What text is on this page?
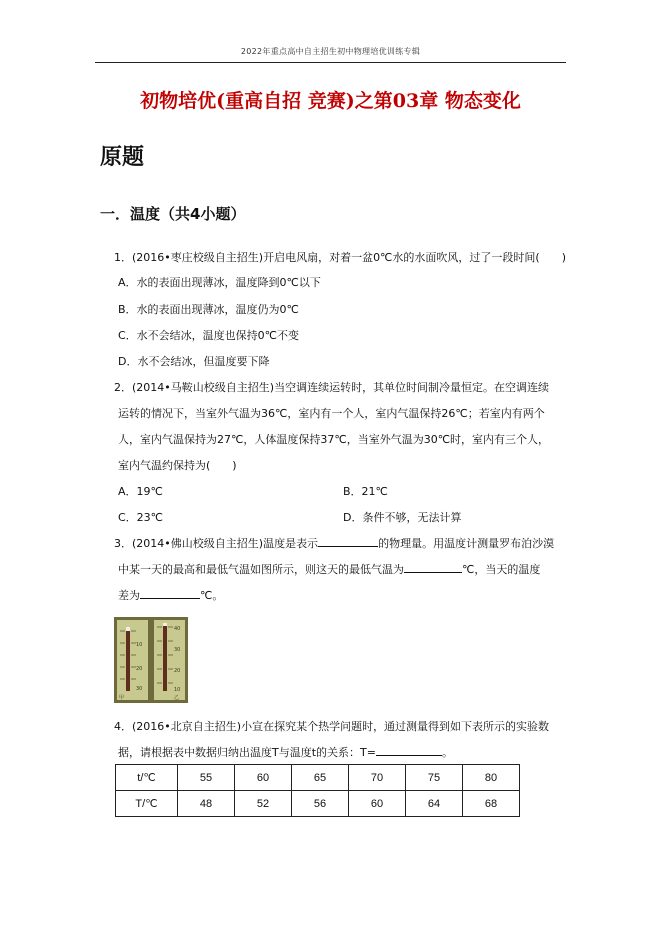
2022年重点高中自主招生初中物理培优训练专辑
初物培优(重高自招 竞赛)之第03章 物态变化
原题
一．温度（共4小题）
1．(2016•枣庄校级自主招生)开启电风扇，对着一盆0℃水的水面吹风，过了一段时间(　　)
A．水的表面出现薄冰，温度降到0℃以下
B．水的表面出现薄冰，温度仍为0℃
C．水不会结冰，温度也保持0℃不变
D．水不会结冰，但温度要下降
2．(2014•马鞍山校级自主招生)当空调连续运转时，其单位时间制冷量恒定。在空调连续
运转的情况下，当室外气温为36℃，室内有一个人，室内气温保持26℃；若室内有两个
人，室内气温保持为27℃，人体温度保持37℃，当室外气温为30℃时，室内有三个人，
室内气温约保持为(　　)
A．19℃	B．21℃
C．23℃	D．条件不够，无法计算
3．(2014•佛山校级自主招生)温度是表示	的物理量。用温度计测量罗布泊沙漠
中某一天的最高和最低气温如图所示，则这天的最低气温为	℃，当天的温度
差为	℃。
10
20
30
40
30
20
10
甲	乙
4．(2016•北京自主招生)小宣在探究某个热学问题时，通过测量得到如下表所示的实验数
据，请根据表中数据归纳出温度T与温度t的关系：T=	。
t/℃	55	60	65	70	75	80
T/℃	48	52	56	60	64	68
